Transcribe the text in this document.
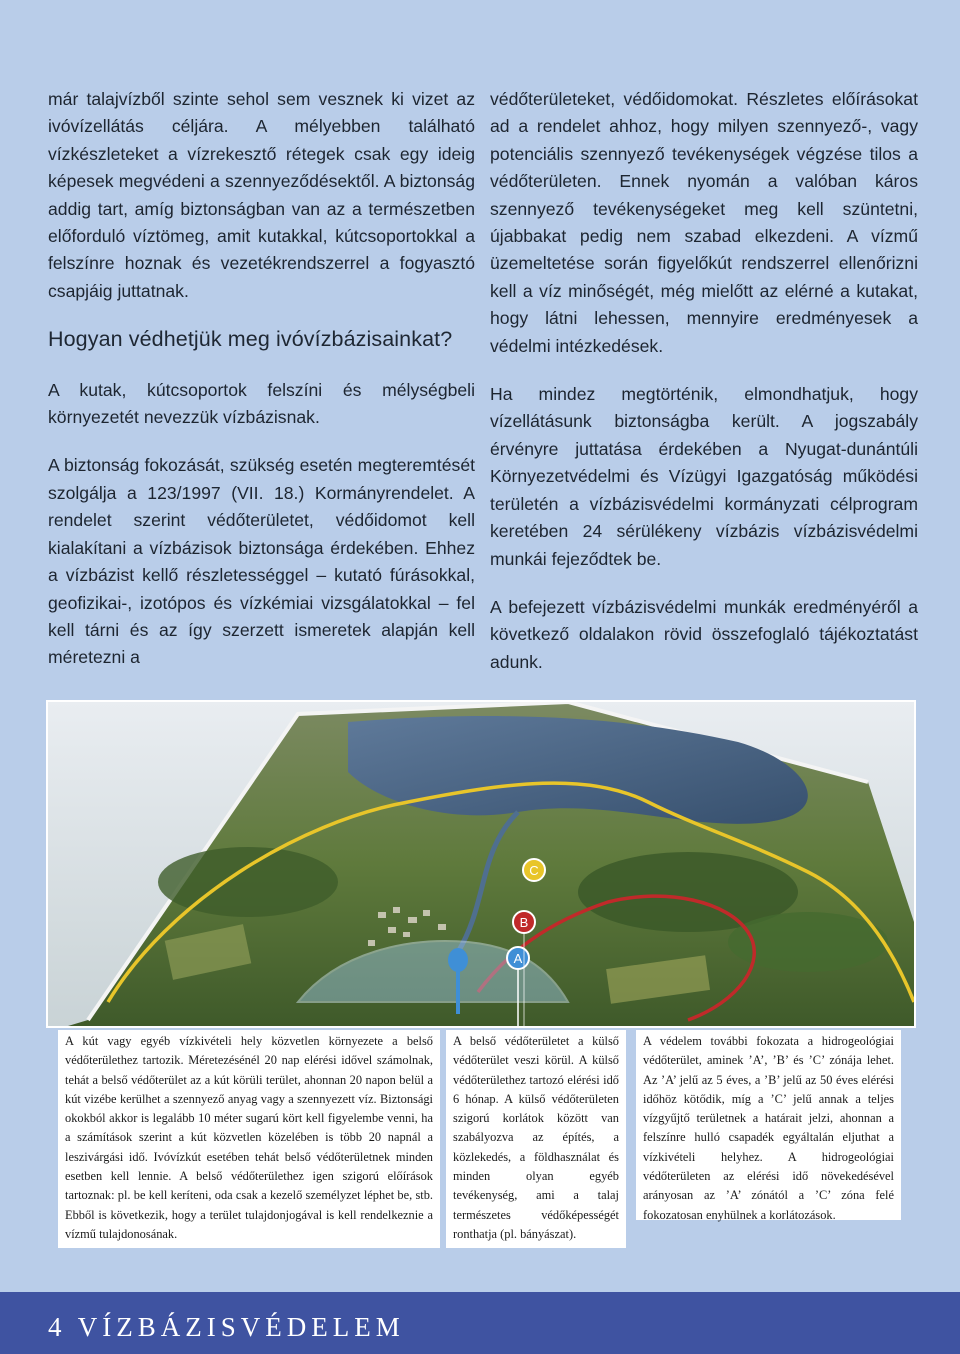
már talajvízből szinte sehol sem vesznek ki vizet az ivóvízellátás céljára. A mélyebben található vízkészleteket a vízrekesztő rétegek csak egy ideig képesek megvédeni a szennyeződésektől. A biztonság addig tart, amíg biztonságban van az a természetben előforduló víztömeg, amit kutakkal, kútcsoportokkal a felszínre hoznak és vezetékrendszerrel a fogyasztó csapjáig juttatnak.

Hogyan védhetjük meg ivóvízbázisainkat?

A kutak, kútcsoportok felszíni és mélységbeli környezetét nevezzük vízbázisnak.

A biztonság fokozását, szükség esetén megteremtését szolgálja a 123/1997 (VII. 18.) Kormányrendelet. A rendelet szerint védőterületet, védőidomot kell kialakítani a vízbázisok biztonsága érdekében. Ehhez a vízbázist kellő részletességgel – kutató fúrásokkal, geofizikai-, izotópos és vízkémiai vizsgálatokkal – fel kell tárni és az így szerzett ismeretek alapján kell méretezni a

védőterületeket, védőidomokat. Részletes előírásokat ad a rendelet ahhoz, hogy milyen szennyező-, vagy potenciális szennyező tevékenységek végzése tilos a védőterületen. Ennek nyomán a valóban káros szennyező tevékenységeket meg kell szüntetni, újabbakat pedig nem szabad elkezdeni. A vízmű üzemeltetése során figyelőkút rendszerrel ellenőrizni kell a víz minőségét, még mielőtt az elérné a kutakat, hogy látni lehessen, mennyire eredményesek a védelmi intézkedések.

Ha mindez megtörténik, elmondhatjuk, hogy vízellátásunk biztonságba került. A jogszabály érvényre juttatása érdekében a Nyugat-dunántúli Környezetvédelmi és Vízügyi Igazgatóság működési területén a vízbázisvédelmi kormányzati célprogram keretében 24 sérülékeny vízbázis vízbázisvédelmi munkái fejeződtek be.

A befejezett vízbázisvédelmi munkák eredményéről a következő oldalakon rövid összefoglaló tájékoztatást adunk.

C
B
A
A kút vagy egyéb vízkivételi hely közvetlen környezete a belső védőterülethez tartozik. Méretezésénél 20 nap elérési idővel számolnak, tehát a belső védőterület az a kút körüli terület, ahonnan 20 napon belül a kút vizébe kerülhet a szennyező anyag vagy a szennyezett víz. Biztonsági okokból akkor is legalább 10 méter sugarú kört kell figyelembe venni, ha a számítások szerint a kút közvetlen közelében is több 20 napnál a leszivárgási idő. Ivóvízkút esetében tehát belső védőterületnek minden esetben kell lennie. A belső védőterülethez igen szigorú előírások tartoznak: pl. be kell keríteni, oda csak a kezelő személyzet léphet be, stb. Ebből is következik, hogy a terület tulajdonjogával is kell rendelkeznie a vízmű tulajdonosának.
A belső védőterületet a külső védőterület veszi körül. A külső védőterülethez tartozó elérési idő 6 hónap. A külső védőterületen szigorú korlátok között van szabályozva az építés, a közlekedés, a földhasználat és minden olyan egyéb tevékenység, ami a talaj természetes védőképességét ronthatja (pl. bányászat).
A védelem további fokozata a hidrogeológiai védőterület, aminek ’A’, ’B’ és ’C’ zónája lehet. Az ’A’ jelű az 5 éves, a ’B’ jelű az 50 éves elérési időhöz kötődik, míg a ’C’ jelű annak a teljes vízgyűjtő területnek a határait jelzi, ahonnan a felszínre hulló csapadék egyáltalán eljuthat a vízkivételi helyhez. A hidrogeológiai védőterületen az elérési idő növekedésével arányosan az ’A’ zónától a ’C’ zóna felé fokozatosan enyhülnek a korlátozások.
4 VÍZBÁZISVÉDELEM
